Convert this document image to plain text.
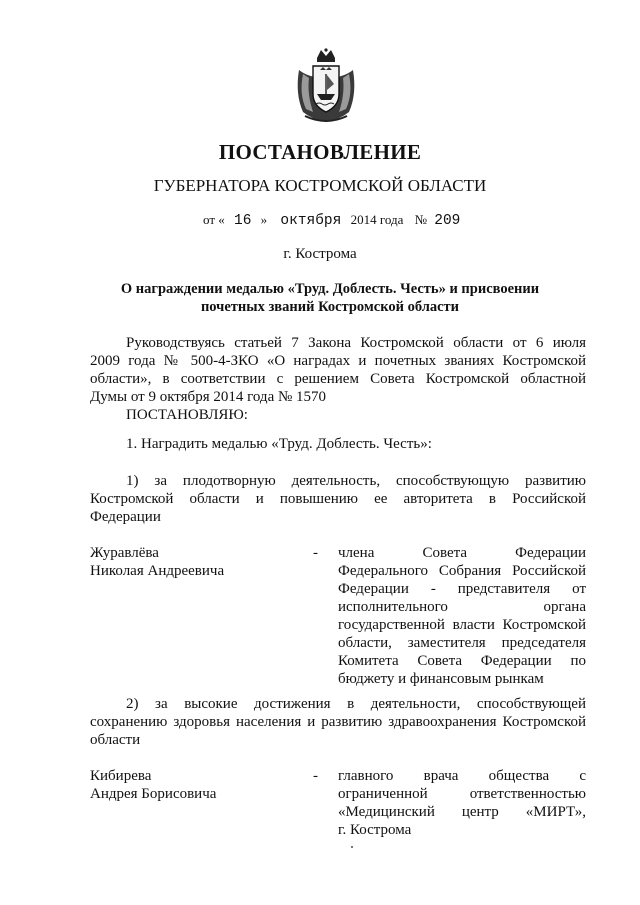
ПОСТАНОВЛЕНИЕ
ГУБЕРНАТОРА КОСТРОМСКОЙ ОБЛАСТИ
от « 16 » октября 2014 года № 209
г. Кострома
О награждении медалью «Труд. Доблесть. Честь» и присвоении
почетных званий Костромской области
Руководствуясь статьей 7 Закона Костромской области от 6 июля
2009 года № 500-4-ЗКО «О наградах и почетных званиях Костромской
области», в соответствии с решением Совета Костромской областной
Думы от 9 октября 2014 года № 1570
ПОСТАНОВЛЯЮ:
1. Наградить медалью «Труд. Доблесть. Честь»:
1) за плодотворную деятельность, способствующую развитию
Костромской области и повышению ее авторитета в Российской
Федерации
Журавлёва
Николая Андреевича
-	члена Совета Федерации
Федерального Собрания Российской
Федерации - представителя от
исполнительного органа
государственной власти Костромской
области, заместителя председателя
Комитета Совета Федерации по
бюджету и финансовым рынкам
2) за высокие достижения в деятельности, способствующей
сохранению здоровья населения и развитию здравоохранения Костромской
области
Кибирева
Андрея Борисовича
-	главного врача общества с
ограниченной ответственностью
«Медицинский центр «МИРТ»,
г. Кострома
